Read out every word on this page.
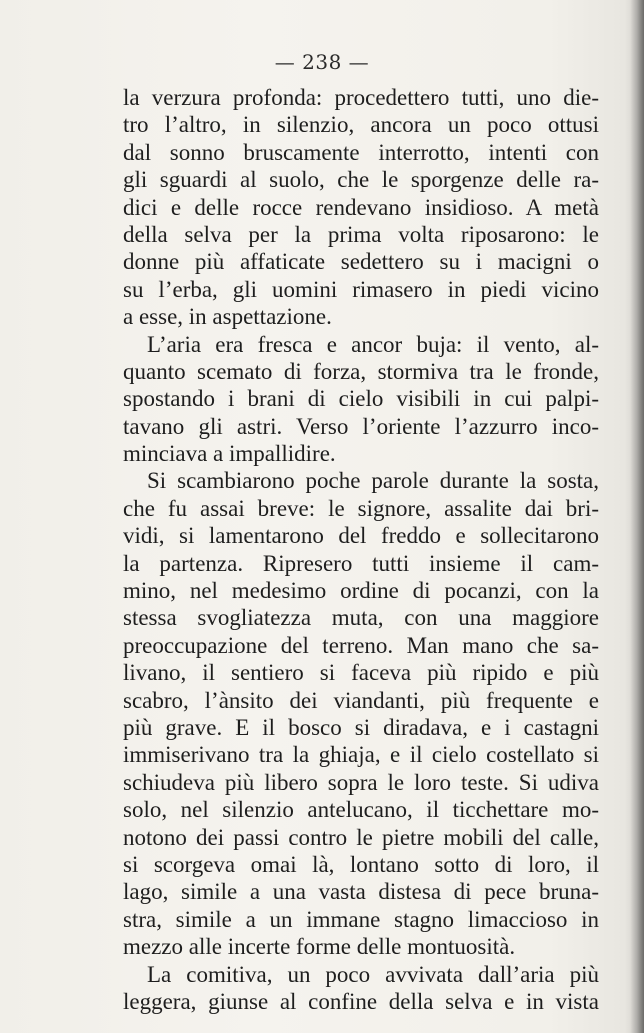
— 238 —
la verzura profonda: procedettero tutti, uno die-
tro l’altro, in silenzio, ancora un poco ottusi
dal sonno bruscamente interrotto, intenti con
gli sguardi al suolo, che le sporgenze delle ra-
dici e delle rocce rendevano insidioso. A metà
della selva per la prima volta riposarono: le
donne più affaticate sedettero su i macigni o
su l’erba, gli uomini rimasero in piedi vicino
a esse, in aspettazione.
L’aria era fresca e ancor buja: il vento, al-
quanto scemato di forza, stormiva tra le fronde,
spostando i brani di cielo visibili in cui palpi-
tavano gli astri. Verso l’oriente l’azzurro inco-
minciava a impallidire.
Si scambiarono poche parole durante la sosta,
che fu assai breve: le signore, assalite dai bri-
vidi, si lamentarono del freddo e sollecitarono
la partenza. Ripresero tutti insieme il cam-
mino, nel medesimo ordine di pocanzi, con la
stessa svogliatezza muta, con una maggiore
preoccupazione del terreno. Man mano che sa-
livano, il sentiero si faceva più ripido e più
scabro, l’ànsito dei viandanti, più frequente e
più grave. E il bosco si diradava, e i castagni
immiserivano tra la ghiaja, e il cielo costellato si
schiudeva più libero sopra le loro teste. Si udiva
solo, nel silenzio antelucano, il ticchettare mo-
notono dei passi contro le pietre mobili del calle,
si scorgeva omai là, lontano sotto di loro, il
lago, simile a una vasta distesa di pece bruna-
stra, simile a un immane stagno limaccioso in
mezzo alle incerte forme delle montuosità.
La comitiva, un poco avvivata dall’aria più
leggera, giunse al confine della selva e in vista
